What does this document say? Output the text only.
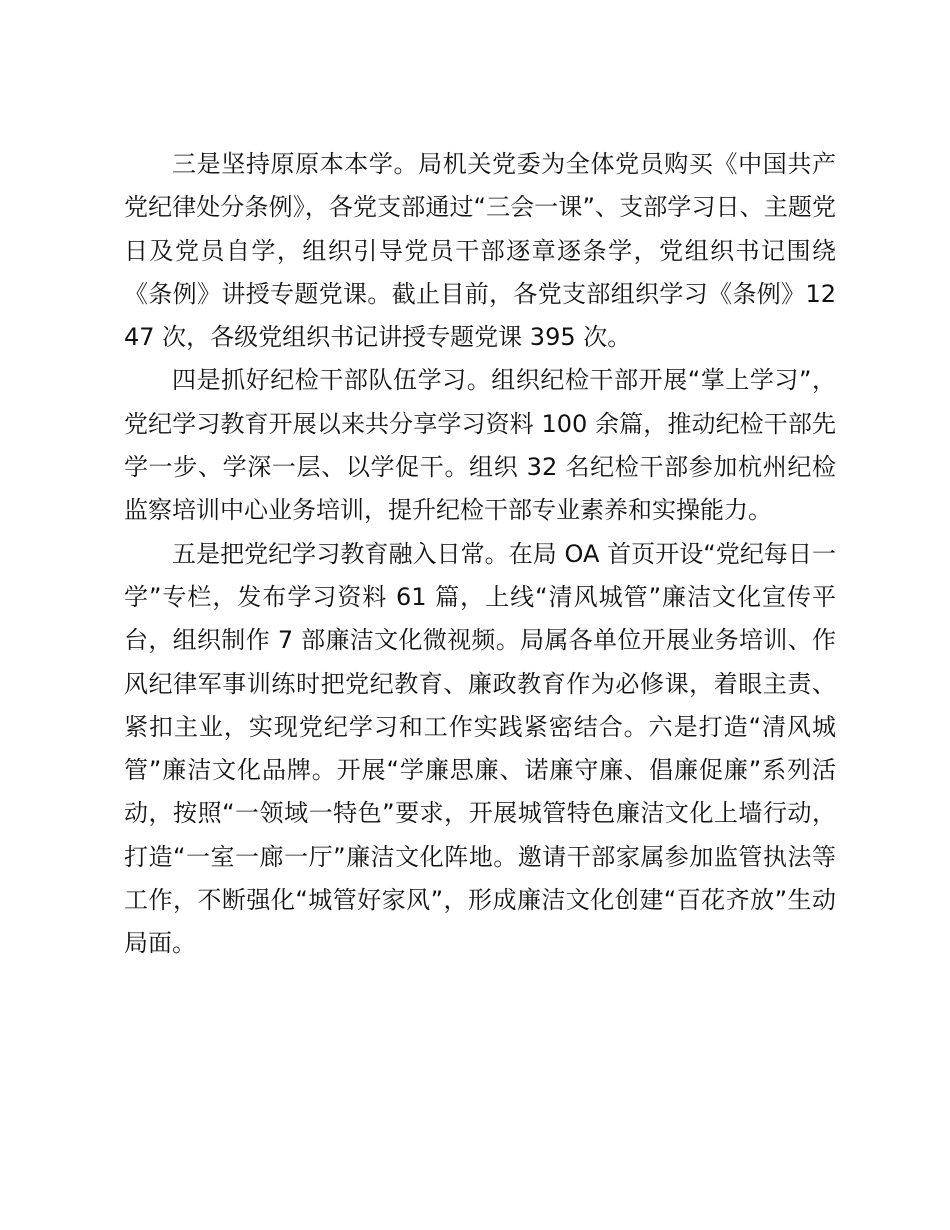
三是坚持原原本本学。局机关党委为全体党员购买《中国共产党纪律处分条例》，各党支部通过“三会一课”、支部学习日、主题党日及党员自学，组织引导党员干部逐章逐条学，党组织书记围绕《条例》讲授专题党课。截止目前，各党支部组织学习《条例》1247 次，各级党组织书记讲授专题党课 395 次。

四是抓好纪检干部队伍学习。组织纪检干部开展“掌上学习”，党纪学习教育开展以来共分享学习资料 100 余篇，推动纪检干部先学一步、学深一层、以学促干。组织 32 名纪检干部参加杭州纪检监察培训中心业务培训，提升纪检干部专业素养和实操能力。

五是把党纪学习教育融入日常。在局 OA 首页开设“党纪每日一学”专栏，发布学习资料 61 篇，上线“清风城管”廉洁文化宣传平台，组织制作 7 部廉洁文化微视频。局属各单位开展业务培训、作风纪律军事训练时把党纪教育、廉政教育作为必修课，着眼主责、紧扣主业，实现党纪学习和工作实践紧密结合。六是打造“清风城管”廉洁文化品牌。开展“学廉思廉、诺廉守廉、倡廉促廉”系列活动，按照“一领域一特色”要求，开展城管特色廉洁文化上墙行动，打造“一室一廊一厅”廉洁文化阵地。邀请干部家属参加监管执法等工作，不断强化“城管好家风”，形成廉洁文化创建“百花齐放”生动局面。
